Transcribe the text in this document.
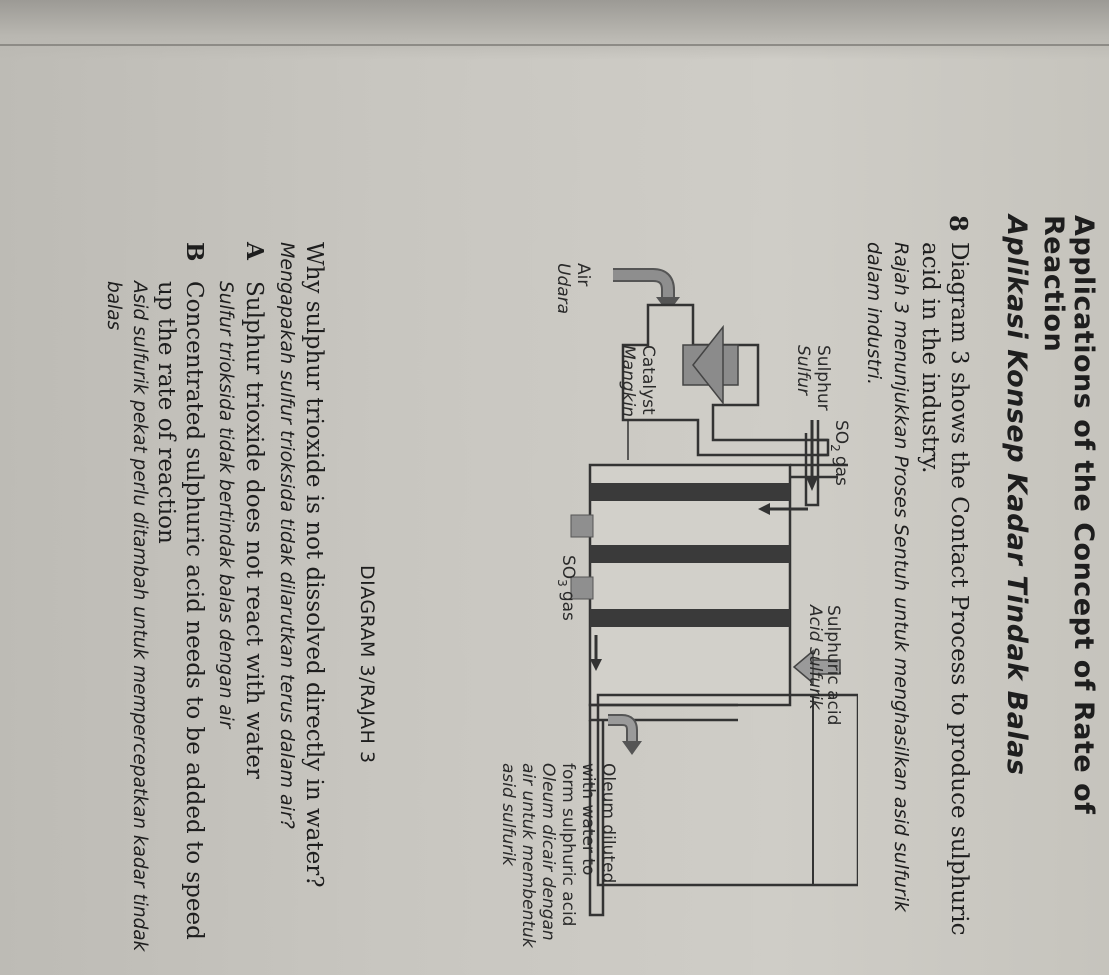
Applications of the Concept of Rate of Reaction
Aplikasi Konsep Kadar Tindak Balas
8
Diagram 3 shows the Contact Process to produce sulphuric acid in the industry.
Rajah 3 menunjukkan Proses Sentuh untuk menghasilkan asid sulfurik dalam industri.
Air
Udara
Sulphur
Sulfur
$SO_2gas$
Catalyst
Mangkin
$SO_3gas$	Sulphuric acid
Acid sulfurik
Oleum diluted
with water to
form sulphuric acid
Oleum dicair dengan
air untuk membentuk
asid sulfurik
DIAGRAM 3/RAJAH 3
Why sulphur trioxide is not dissolved directly in water?
Mengapakah sulfur trioksida tidak dilarutkan terus dalam air?
A
Sulphur trioxide does not react with water
Sulfur trioksida tidak bertindak balas dengan air
B
Concentrated sulphuric acid needs to be added to speed up the rate of reaction
Asid sulfurik pekat perlu ditambah untuk mempercepatkan kadar tindak balas
